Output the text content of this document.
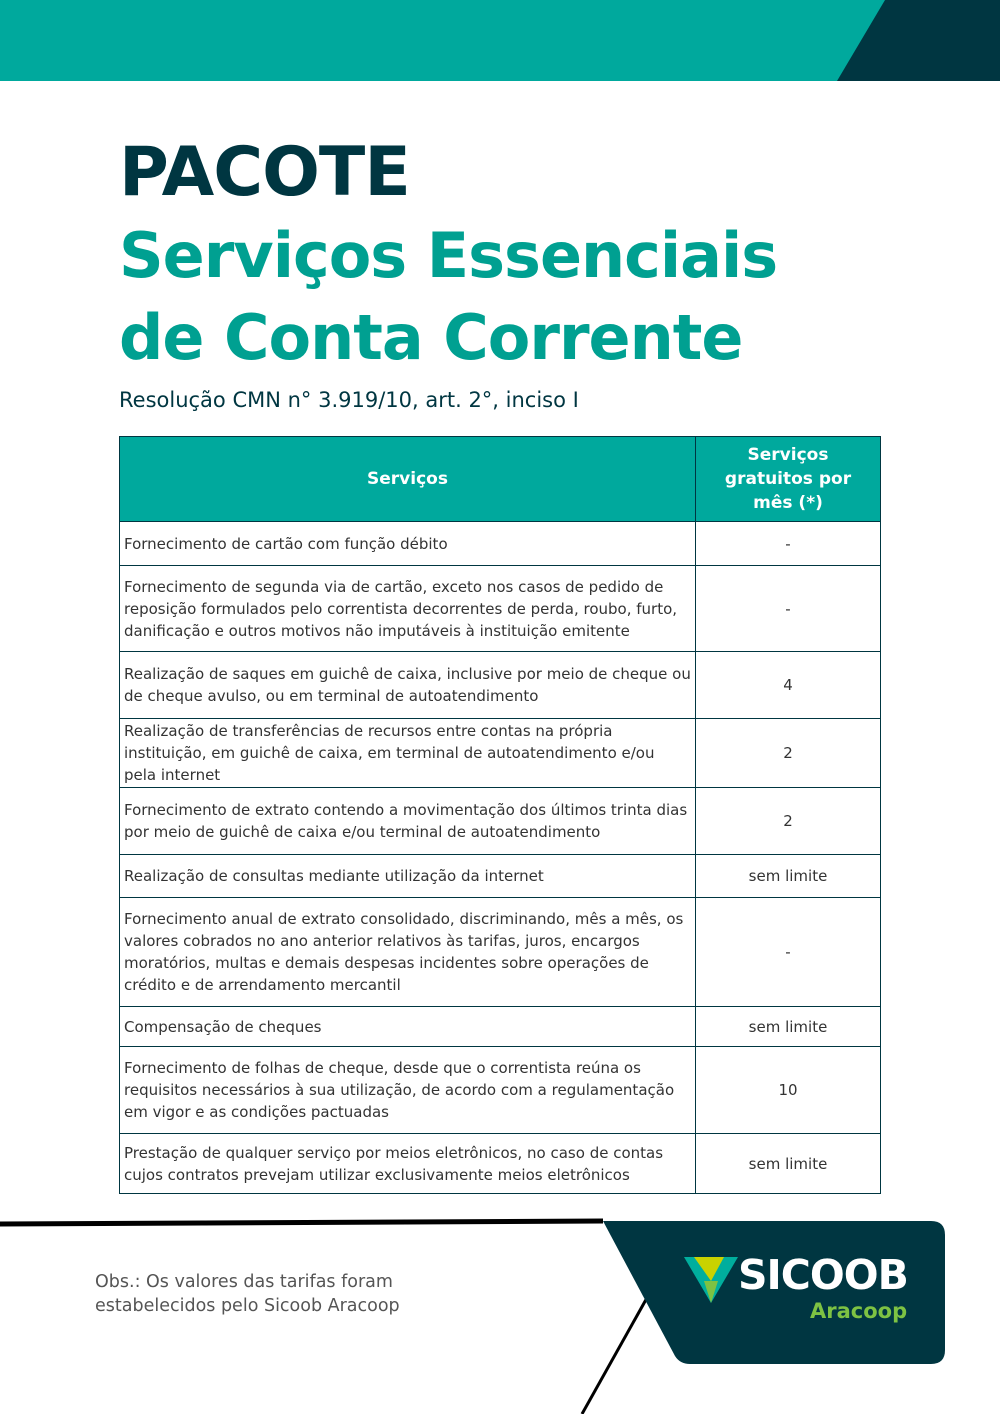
PACOTE
Serviços Essenciais
de Conta Corrente
Resolução CMN n° 3.919/10, art. 2°, inciso I
Serviços	Serviços gratuitos por mês (*)
Fornecimento de cartão com função débito	-
Fornecimento de segunda via de cartão, exceto nos casos de pedido de reposição formulados pelo correntista decorrentes de perda, roubo, furto, danificação e outros motivos não imputáveis à instituição emitente	-
Realização de saques em guichê de caixa, inclusive por meio de cheque ou de cheque avulso, ou em terminal de autoatendimento	4
Realização de transferências de recursos entre contas na própria instituição, em guichê de caixa, em terminal de autoatendimento e/ou pela internet	2
Fornecimento de extrato contendo a movimentação dos últimos trinta dias por meio de guichê de caixa e/ou terminal de autoatendimento	2
Realização de consultas mediante utilização da internet	sem limite
Fornecimento anual de extrato consolidado, discriminando, mês a mês, os valores cobrados no ano anterior relativos às tarifas, juros, encargos moratórios, multas e demais despesas incidentes sobre operações de crédito e de arrendamento mercantil	-
Compensação de cheques	sem limite
Fornecimento de folhas de cheque, desde que o correntista reúna os requisitos necessários à sua utilização, de acordo com a regulamentação em vigor e as condições pactuadas	10
Prestação de qualquer serviço por meios eletrônicos, no caso de contas cujos contratos prevejam utilizar exclusivamente meios eletrônicos	sem limite
Obs.: Os valores das tarifas foram
estabelecidos pelo Sicoob Aracoop
SICOOB
Aracoop
